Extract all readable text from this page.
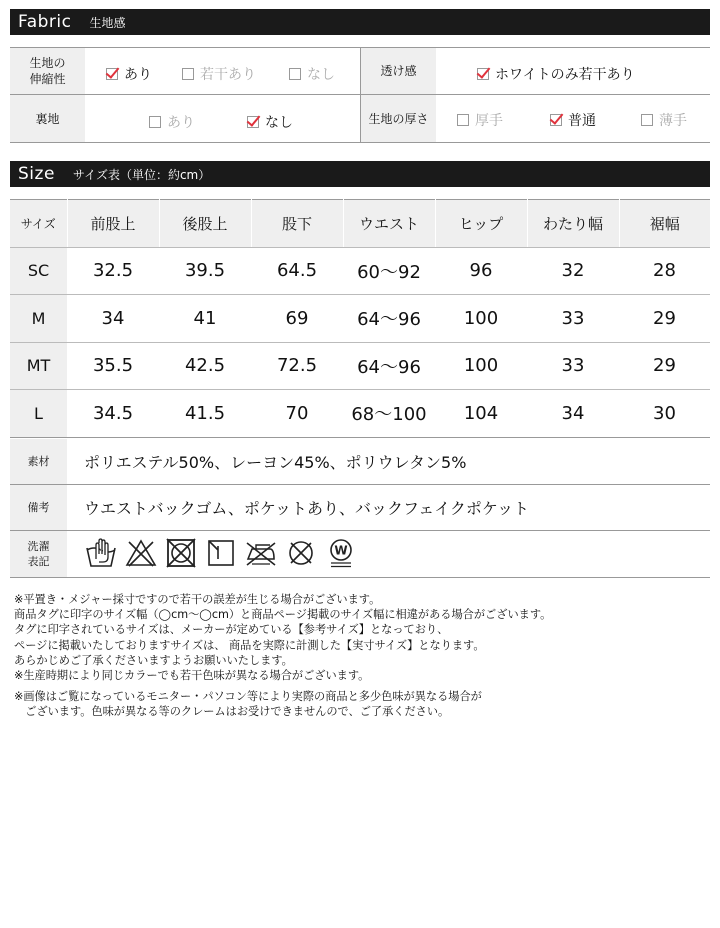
Fabric	生地感
生地の
伸縮性	あり	若干あり	なし	透け感	ホワイトのみ若干あり
裏地	あり	なし	生地の厚さ	厚手	普通	薄手
Size	サイズ表（単位：約cm）
サイズ	前股上	後股上	股下	ウエスト	ヒップ	わたり幅	裾幅
SC	32.5	39.5	64.5	60〜92	96	32	28
M	34	41	69	64〜96	100	33	29
MT	35.5	42.5	72.5	64〜96	100	33	29
L	34.5	41.5	70	68〜100	104	34	30
素材	ポリエステル50%、レーヨン45%、ポリウレタン5%
備考	ウエストバックゴム、ポケットあり、バックフェイクポケット
洗濯
表記
W

※平置き・メジャー採寸ですので若干の誤差が生じる場合がございます。

商品タグに印字のサイズ幅（◯cm〜◯cm）と商品ページ掲載のサイズ幅に相違がある場合がございます。

タグに印字されているサイズは、メーカーが定めている【参考サイズ】となっており、

ページに掲載いたしておりますサイズは、 商品を実際に計測した【実寸サイズ】となります。

あらかじめご了承くださいますようお願いいたします。

※生産時期により同じカラーでも若干色味が異なる場合がございます。

※画像はご覧になっているモニター・パソコン等により実際の商品と多少色味が異なる場合が

　ございます。色味が異なる等のクレームはお受けできませんので、ご了承ください。
